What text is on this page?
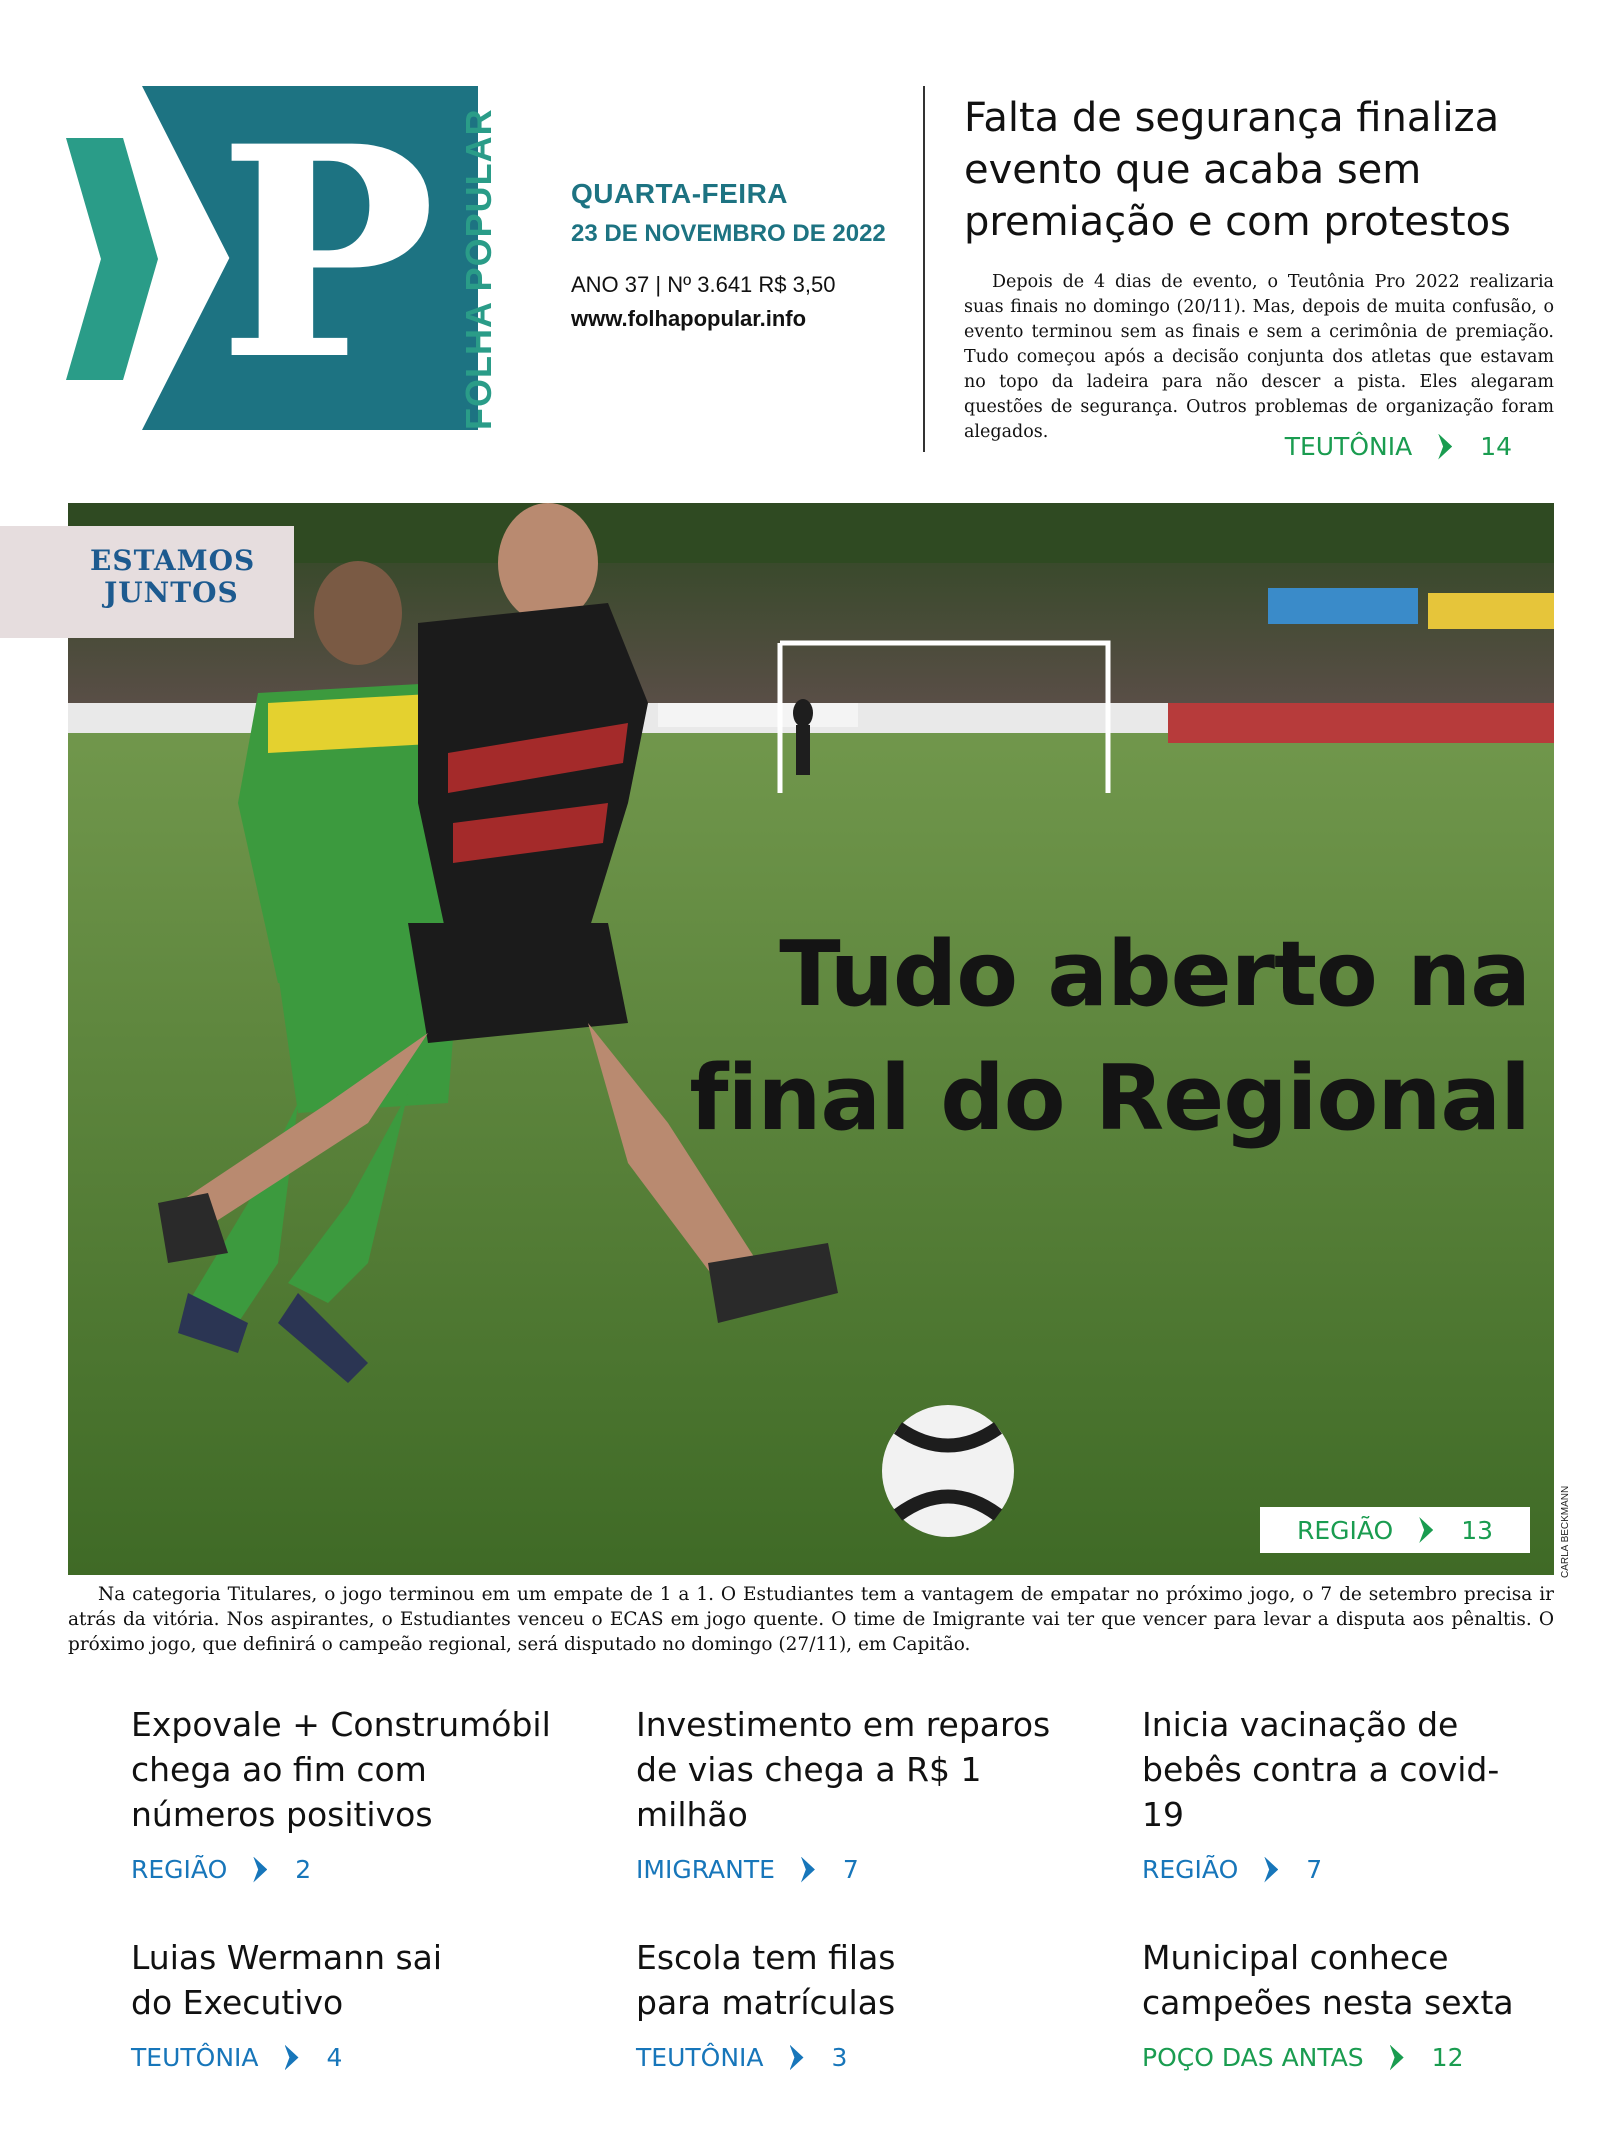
P FOLHA POPULAR	QUARTA-FEIRA
23 DE NOVEMBRO DE 2022
ANO 37 | Nº 3.641 R$ 3,50
www.folhapopular.info
Falta de segurança finaliza evento que acaba sem premiação e com protestos

Depois de 4 dias de evento, o Teutônia Pro 2022 realizaria suas finais no domingo (20/11). Mas, depois de muita confusão, o evento terminou sem as finais e sem a cerimônia de premiação. Tudo começou após a decisão conjunta dos atletas que estavam no topo da ladeira para não descer a pista. Eles alegaram questões de segurança. Outros problemas de organização foram alegados.	TEUTÔNIA	14
Tudo aberto na
final do Regional
REGIÃO	13	CARLA BECKMANN
ESTAMOS
JUNTOS
Na categoria Titulares, o jogo terminou em um empate de 1 a 1. O Estudiantes tem a vantagem de empatar no próximo jogo, o 7 de setembro precisa ir atrás da vitória. Nos aspirantes, o Estudiantes venceu o ECAS em jogo quente. O time de Imigrante vai ter que vencer para levar a disputa aos pênaltis. O próximo jogo, que definirá o campeão regional, será disputado no domingo (27/11), em Capitão.
Expovale + Construmóbil chega ao fim com números positivos
REGIÃO	2
Investimento em reparos de vias chega a R$ 1 milhão
IMIGRANTE	7
Inicia vacinação de bebês contra a covid-19
REGIÃO	7
Luias Wermann sai do Executivo
TEUTÔNIA	4
Escola tem filas para matrículas
TEUTÔNIA	3
Municipal conhece campeões nesta sexta
POÇO DAS ANTAS	12
